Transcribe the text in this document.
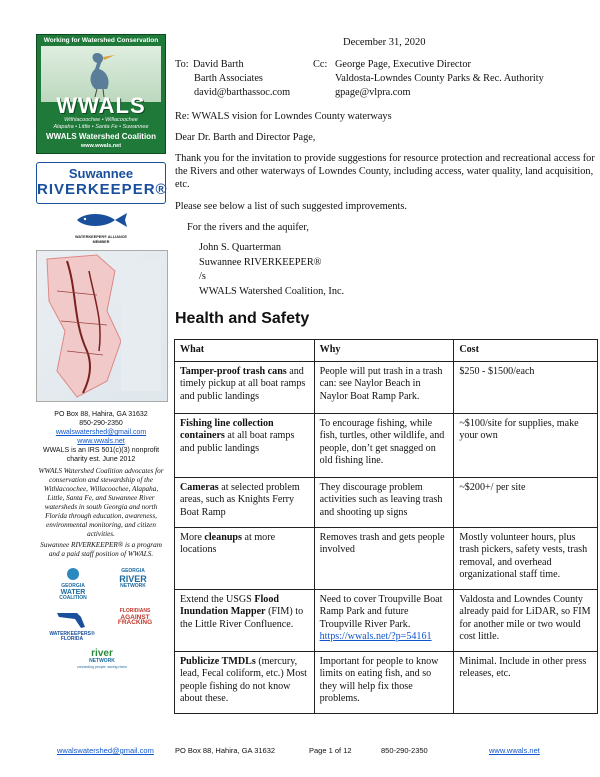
Working for Watershed Conservation
WWALS
Withlacoochee • Willacoochee
Alapaha • Little • Santa Fe • Suwannee
WWALS Watershed Coalition
www.wwals.net
Suwannee
RIVERKEEPER®
WATERKEEPER® ALLIANCE MEMBER
PO Box 88, Hahira, GA 31632
850-290-2350
wwalswatershed@gmail.com
www.wwals.net
WWALS is an IRS 501(c)(3) nonprofit
charity est. June 2012
WWALS Watershed Coalition advocates for conservation and stewardship of the Withlacoochee, Willacoochee, Alapaha, Little, Santa Fe, and Suwannee River watersheds in south Georgia and north Florida through education, awareness, environmental monitoring, and citizen activities.
Suwannee RIVERKEEPER® is a program and a paid staff position of WWALS.
GEORGIA
WATER
COALITION
GEORGIA
RIVER
NETWORK
WATERKEEPERS® FLORIDA
FLORIDIANS
AGAINST
FRACKING
river
NETWORK
connecting people, saving rivers
December 31, 2020
To: David Barth
Barth Associates
david@barthassoc.com
Cc: George Page, Executive Director
Valdosta-Lowndes County Parks & Rec. Authority
gpage@vlpra.com
Re: WWALS vision for Lowndes County waterways
Dear Dr. Barth and Director Page,
Thank you for the invitation to provide suggestions for resource protection and recreational access for the Rivers and other waterways of Lowndes County, including access, water quality, land acquisition, etc.
Please see below a list of such suggested improvements.
For the rivers and the aquifer,
John S. Quarterman
Suwannee RIVERKEEPER®
/s
WWALS Watershed Coalition, Inc.
Health and Safety
What	Why	Cost
Tamper-proof trash cans and timely pickup at all boat ramps and public landings	People will put trash in a trash can: see Naylor Beach in Naylor Boat Ramp Park.	$250 - $1500/each
Fishing line collection containers at all boat ramps and public landings	To encourage fishing, while fish, turtles, other wildlife, and people, don’t get snagged on old fishing line.	~$100/site for supplies, make your own
Cameras at selected problem areas, such as Knights Ferry Boat Ramp	They discourage problem activities such as leaving trash and shooting up signs	~$200+/ per site
More cleanups at more locations	Removes trash and gets people involved	Mostly volunteer hours, plus trash pickers, safety vests, trash removal, and overhead organizational staff time.
Extend the USGS Flood Inundation Mapper (FIM) to the Little River Confluence.	Need to cover Troupville Boat Ramp Park and future Troupville River Park. https://wwals.net/?p=54161	Valdosta and Lowndes County already paid for LiDAR, so FIM for another mile or two would cost little.
Publicize TMDLs (mercury, lead, Fecal coliform, etc.) Most people fishing do not know about these.	Important for people to know limits on eating fish, and so they will help fix those problems.	Minimal. Include in other press releases, etc.
wwalswatershed@gmail.com	PO Box 88, Hahira, GA 31632	Page 1 of 12	850-290-2350	www.wwals.net
